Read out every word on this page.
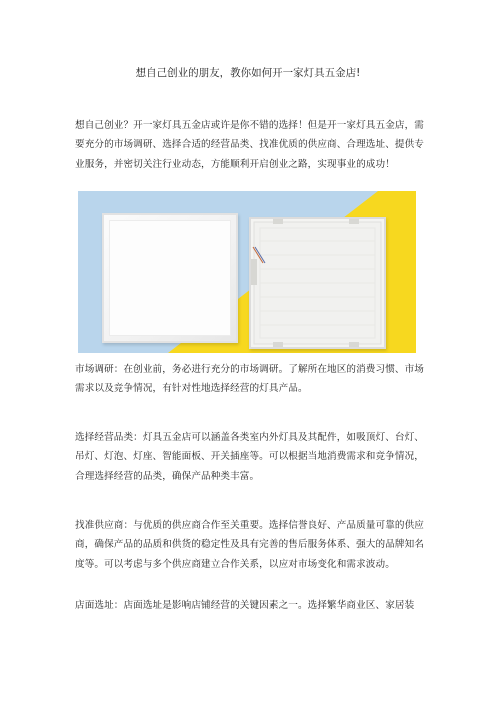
想自己创业的朋友，教你如何开一家灯具五金店!

想自己创业？开一家灯具五金店或许是你不错的选择！但是开一家灯具五金店，需要充分的市场调研、选择合适的经营品类、找准优质的供应商、合理选址、提供专业服务，并密切关注行业动态，方能顺利开启创业之路，实现事业的成功！

市场调研：在创业前，务必进行充分的市场调研。了解所在地区的消费习惯、市场需求以及竞争情况，有针对性地选择经营的灯具产品。

选择经营品类：灯具五金店可以涵盖各类室内外灯具及其配件，如吸顶灯、台灯、吊灯、灯泡、灯座、智能面板、开关插座等。可以根据当地消费需求和竞争情况，合理选择经营的品类，确保产品种类丰富。

找准供应商：与优质的供应商合作至关重要。选择信誉良好、产品质量可靠的供应商，确保产品的品质和供货的稳定性及具有完善的售后服务体系、强大的品牌知名度等。可以考虑与多个供应商建立合作关系，以应对市场变化和需求波动。

店面选址：店面选址是影响店铺经营的关键因素之一。选择繁华商业区、家居装
